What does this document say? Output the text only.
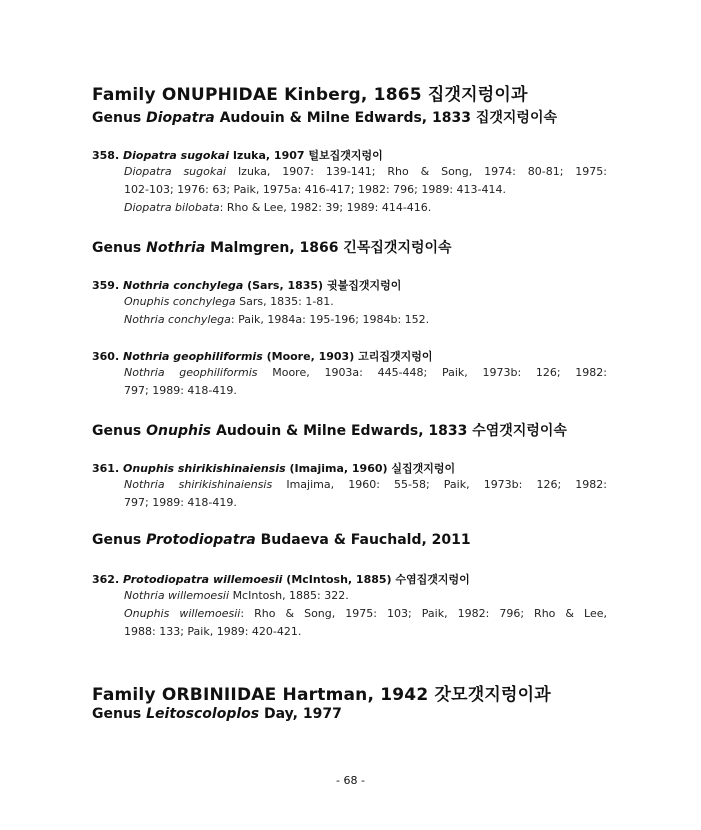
Family ONUPHIDAE Kinberg, 1865 집갯지렁이과
Genus Diopatra Audouin & Milne Edwards, 1833 집갯지렁이속
358. Diopatra sugokai Izuka, 1907 털보집갯지렁이
Diopatra sugokai Izuka, 1907: 139-141; Rho & Song, 1974: 80-81; 1975:
102-103; 1976: 63; Paik, 1975a: 416-417; 1982: 796; 1989: 413-414.
Diopatra bilobata: Rho & Lee, 1982: 39; 1989: 414-416.
Genus Nothria Malmgren, 1866 긴목집갯지렁이속
359. Nothria conchylega (Sars, 1835) 귓불집갯지렁이
Onuphis conchylega Sars, 1835: 1-81.
Nothria conchylega: Paik, 1984a: 195-196; 1984b: 152.
360. Nothria geophiliformis (Moore, 1903) 고리집갯지렁이
Nothria geophiliformis Moore, 1903a: 445-448; Paik, 1973b: 126; 1982:
797; 1989: 418-419.
Genus Onuphis Audouin & Milne Edwards, 1833 수염갯지렁이속
361. Onuphis shirikishinaiensis (Imajima, 1960) 실집갯지렁이
Nothria shirikishinaiensis Imajima, 1960: 55-58; Paik, 1973b: 126; 1982:
797; 1989: 418-419.
Genus Protodiopatra Budaeva & Fauchald, 2011
362. Protodiopatra willemoesii (McIntosh, 1885) 수염집갯지렁이
Nothria willemoesii McIntosh, 1885: 322.
Onuphis willemoesii: Rho & Song, 1975: 103; Paik, 1982: 796; Rho & Lee,
1988: 133; Paik, 1989: 420-421.
Family ORBINIIDAE Hartman, 1942 갓모갯지렁이과
Genus Leitoscoloplos Day, 1977
- 68 -
